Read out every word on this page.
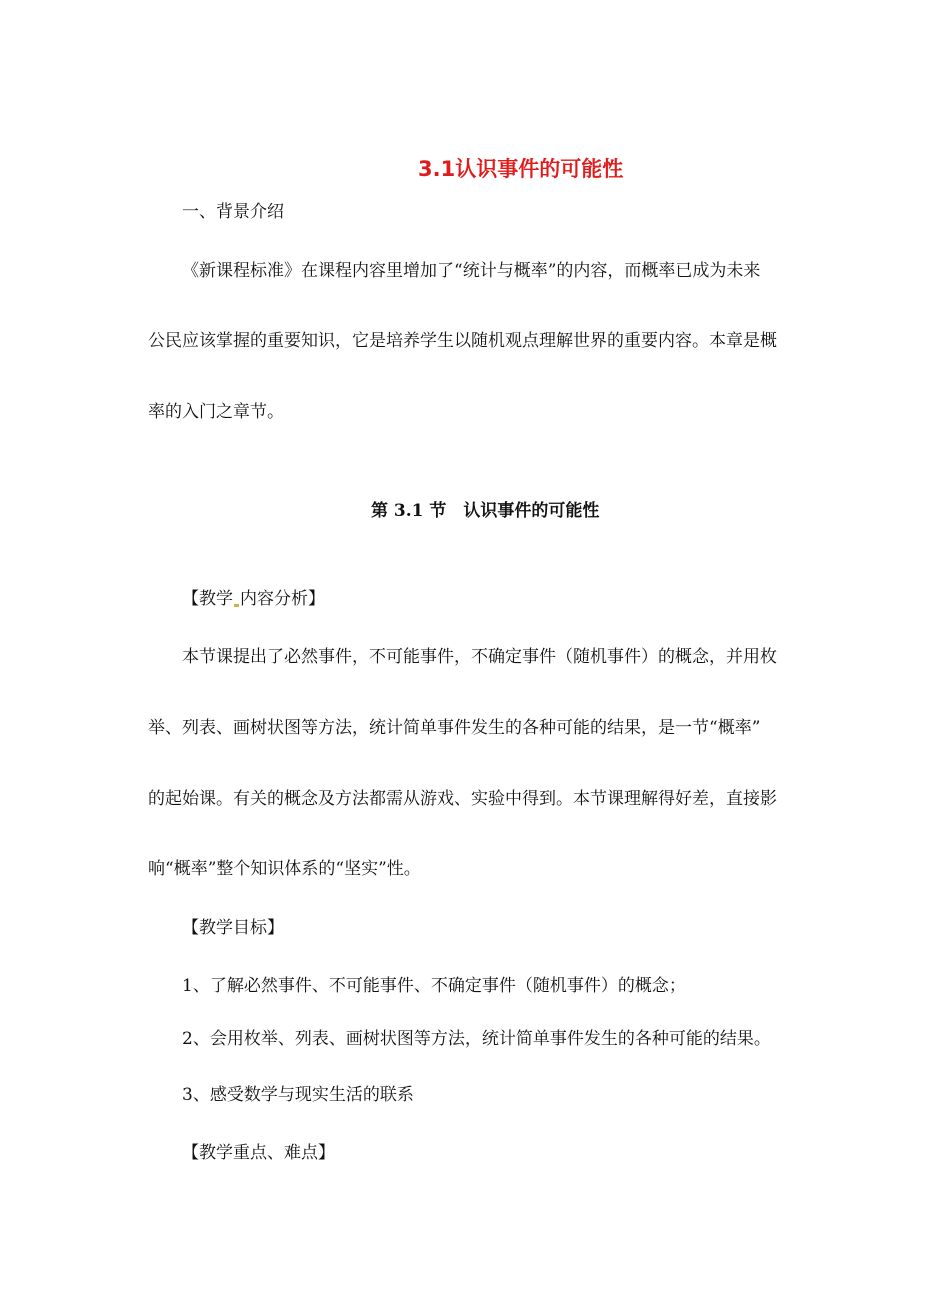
3.1认识事件的可能性

一、背景介绍

《新课程标准》在课程内容里增加了“统计与概率”的内容，而概率已成为未来

公民应该掌握的重要知识，它是培养学生以随机观点理解世界的重要内容。本章是概

率的入门之章节。

第 3.1 节　认识事件的可能性

【教学 内容分析】

本节课提出了必然事件，不可能事件，不确定事件（随机事件）的概念，并用枚

举、列表、画树状图等方法，统计简单事件发生的各种可能的结果，是一节“概率”

的起始课。有关的概念及方法都需从游戏、实验中得到。本节课理解得好差，直接影

响“概率”整个知识体系的“坚实”性。

【教学目标】

1、了解必然事件、不可能事件、不确定事件（随机事件）的概念；

2、会用枚举、列表、画树状图等方法，统计简单事件发生的各种可能的结果。

3、感受数学与现实生活的联系

【教学重点、难点】
